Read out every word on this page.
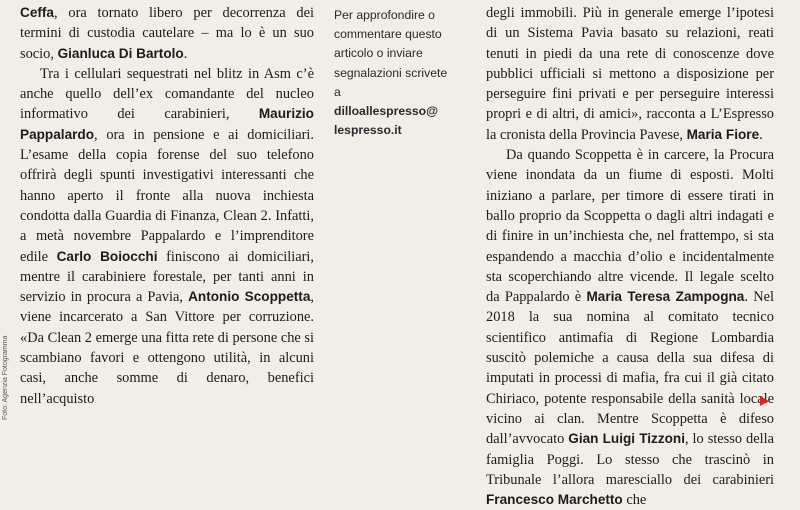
Foto: Agenzia Fotogramma

Ceffa, ora tornato libero per decorrenza dei termini di custodia cautelare – ma lo è un suo socio, Gianluca Di Bartolo.

Tra i cellulari sequestrati nel blitz in Asm c’è anche quello dell’ex comandante del nucleo informativo dei carabinieri, Maurizio Pappalardo, ora in pensione e ai domiciliari. L’esame della copia forense del suo telefono offrirà degli spunti investigativi interessanti che hanno aperto il fronte alla nuova inchiesta condotta dalla Guardia di Finanza, Clean 2. Infatti, a metà novembre Pappalardo e l’imprenditore edile Carlo Boiocchi finiscono ai domiciliari, mentre il carabiniere forestale, per tanti anni in servizio in procura a Pavia, Antonio Scoppetta, viene incarcerato a San Vittore per corruzione. «Da Clean 2 emerge una fitta rete di persone che si scambiano favori e ottengono utilità, in alcuni casi, anche somme di denaro, benefici nell’acquisto

Per approfondire o
commentare questo
articolo o inviare
segnalazioni scrivete
a
dilloallespresso@
lespresso.it

degli immobili. Più in generale emerge l’ipotesi di un Sistema Pavia basato su relazioni, reati tenuti in piedi da una rete di conoscenze dove pubblici ufficiali si mettono a disposizione per perseguire fini privati e per perseguire interessi propri e di altri, di amici», racconta a L’Espresso la cronista della Provincia Pavese, Maria Fiore.

Da quando Scoppetta è in carcere, la Procura viene inondata da un fiume di esposti. Molti iniziano a parlare, per timore di essere tirati in ballo proprio da Scoppetta o dagli altri indagati e di finire in un’inchiesta che, nel frattempo, si sta espandendo a macchia d’olio e incidentalmente sta scoperchiando altre vicende. Il legale scelto da Pappalardo è Maria Teresa Zampogna. Nel 2018 la sua nomina al comitato tecnico scientifico antimafia di Regione Lombardia suscitò polemiche a causa della sua difesa di imputati in processi di mafia, fra cui il già citato Chiriaco, potente responsabile della sanità locale vicino ai clan. Mentre Scoppetta è difeso dall’avvocato Gian Luigi Tizzoni, lo stesso della famiglia Poggi. Lo stesso che trascinò in Tribunale l’allora maresciallo dei carabinieri Francesco Marchetto che
